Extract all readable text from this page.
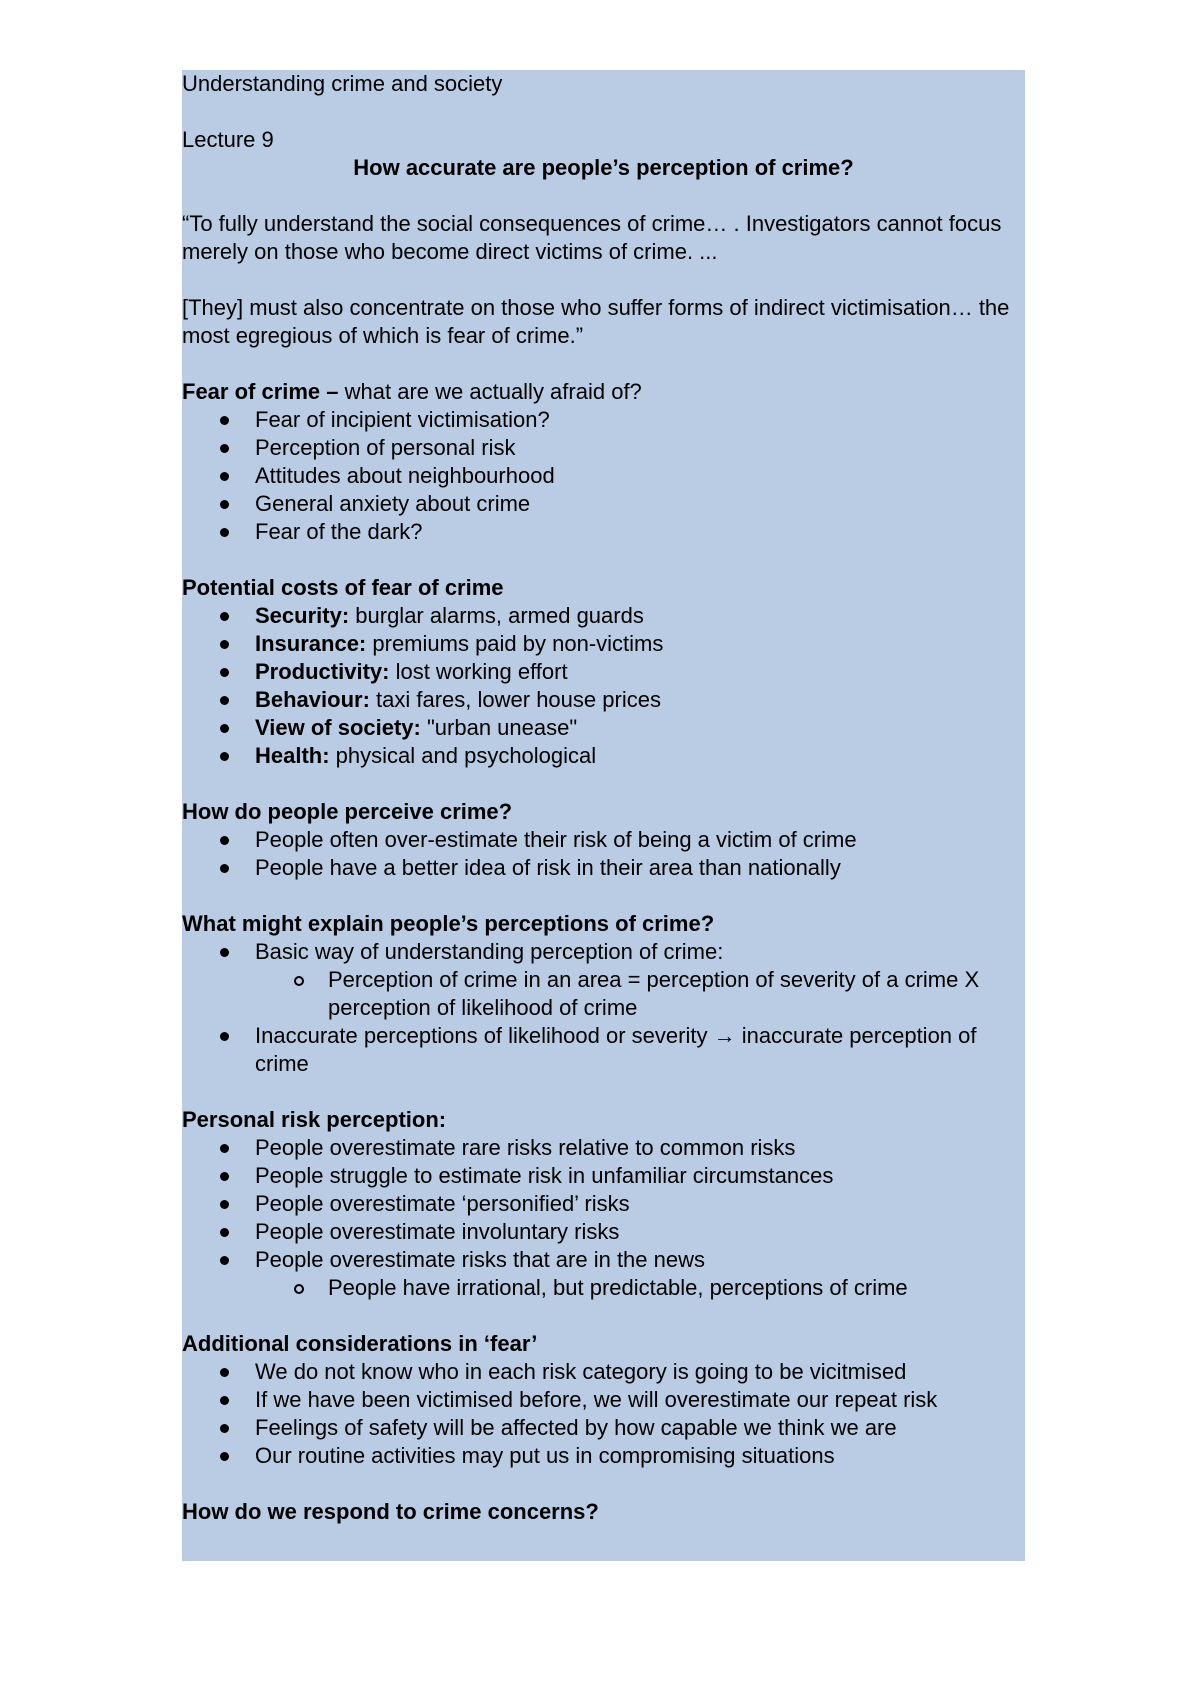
Understanding crime and society

Lecture 9

How accurate are people’s perception of crime?

“To fully understand the social consequences of crime… . Investigators cannot focus merely on those who become direct victims of crime. ...

[They] must also concentrate on those who suffer forms of indirect victimisation… the most egregious of which is fear of crime.”

Fear of crime – what are we actually afraid of?

Fear of incipient victimisation?
Perception of personal risk
Attitudes about neighbourhood
General anxiety about crime
Fear of the dark?

Potential costs of fear of crime

Security: burglar alarms, armed guards
Insurance: premiums paid by non-victims
Productivity: lost working effort
Behaviour: taxi fares, lower house prices
View of society: "urban unease"
Health: physical and psychological

How do people perceive crime?

People often over-estimate their risk of being a victim of crime
People have a better idea of risk in their area than nationally

What might explain people’s perceptions of crime?

Basic way of understanding perception of crime:
Perception of crime in an area = perception of severity of a crime X perception of likelihood of crime
Inaccurate perceptions of likelihood or severity → inaccurate perception of crime

Personal risk perception:

People overestimate rare risks relative to common risks
People struggle to estimate risk in unfamiliar circumstances
People overestimate ‘personified’ risks
People overestimate involuntary risks
People overestimate risks that are in the news
People have irrational, but predictable, perceptions of crime

Additional considerations in ‘fear’

We do not know who in each risk category is going to be vicitmised
If we have been victimised before, we will overestimate our repeat risk
Feelings of safety will be affected by how capable we think we are
Our routine activities may put us in compromising situations

How do we respond to crime concerns?
